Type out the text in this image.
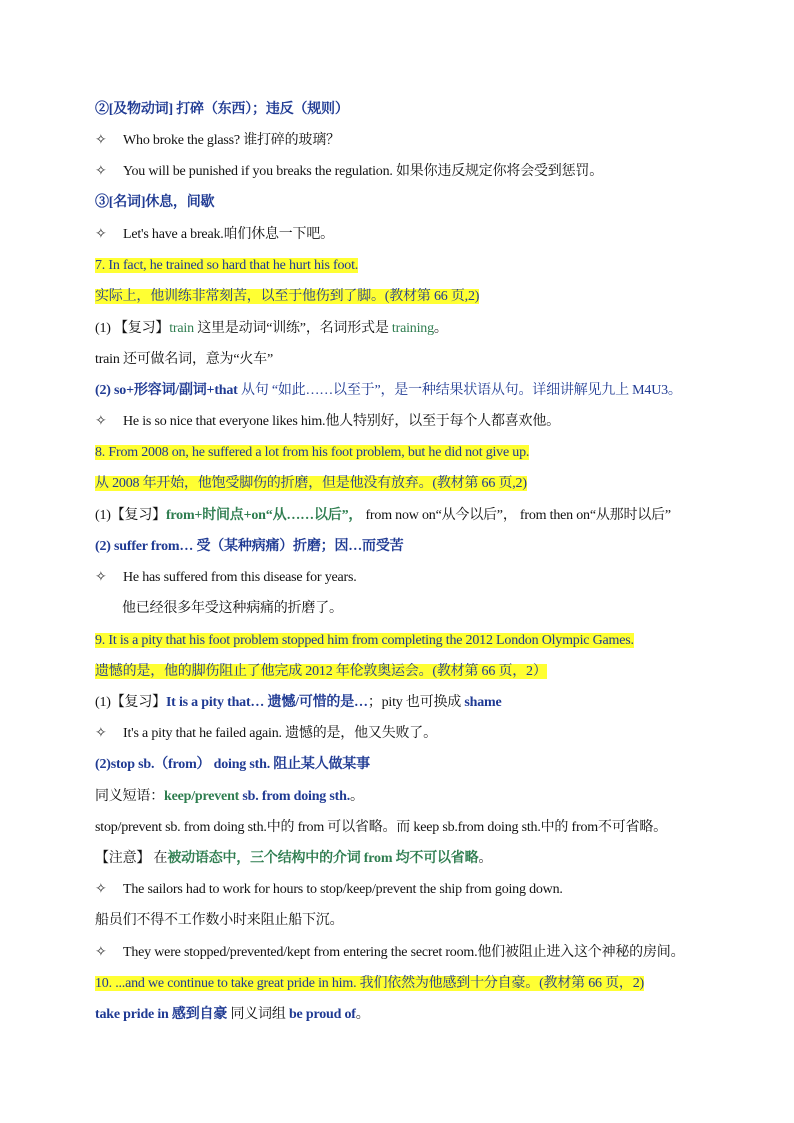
②[及物动词] 打碎（东西）；违反（规则）
✧ Who broke the glass? 谁打碎的玻璃？
✧ You will be punished if you breaks the regulation. 如果你违反规定你将会受到惩罚。
③[名词]休息，间歇
✧ Let's have a break.咱们休息一下吧。
7. In fact, he trained so hard that he hurt his foot.
实际上，他训练非常刻苦，以至于他伤到了脚。(教材第 66 页,2)
(1) 【复习】train 这里是动词“训练”，名词形式是 training。
train 还可做名词，意为“火车”
(2) so+形容词/副词+that 从句 “如此……以至于”，是一种结果状语从句。详细讲解见九上 M4U3。
✧ He is so nice that everyone likes him.他人特别好，以至于每个人都喜欢他。
8. From 2008 on, he suffered a lot from his foot problem, but he did not give up.
从 2008 年开始，他饱受脚伤的折磨，但是他没有放弃。(教材第 66 页,2)
(1)【复习】from+时间点+on“从……以后”， from now on“从今以后”， from then on“从那时以后”
(2) suffer from… 受（某种病痛）折磨；因…而受苦
✧ He has suffered from this disease for years.
他已经很多年受这种病痛的折磨了。
9. It is a pity that his foot problem stopped him from completing the 2012 London Olympic Games.
遗憾的是，他的脚伤阻止了他完成 2012 年伦敦奥运会。(教材第 66 页，2）
(1)【复习】It is a pity that… 遗憾/可惜的是…；pity 也可换成 shame
✧ It's a pity that he failed again. 遗憾的是，他又失败了。
(2)stop sb.（from） doing sth. 阻止某人做某事
同义短语：keep/prevent sb. from doing sth.。
stop/prevent sb. from doing sth.中的 from 可以省略。而 keep sb.from doing sth.中的 from不可省略。
【注意】 在被动语态中，三个结构中的介词 from 均不可以省略。
✧ The sailors had to work for hours to stop/keep/prevent the ship from going down.
船员们不得不工作数小时来阻止船下沉。
✧ They were stopped/prevented/kept from entering the secret room.他们被阻止进入这个神秘的房间。
10. ...and we continue to take great pride in him. 我们依然为他感到十分自豪。(教材第 66 页，2)
take pride in 感到自豪 同义词组 be proud of。
